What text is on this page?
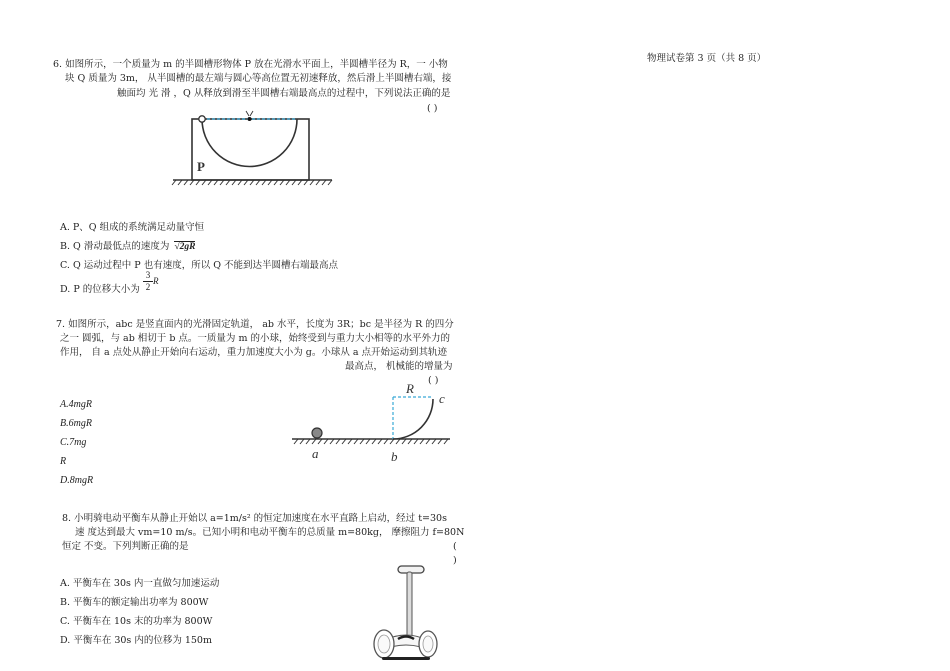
物理试卷第 3 页（共 8 页）
6. 如图所示，一个质量为 m 的半圆槽形物体 P 放在光滑水平面上，半圆槽半径为 R，一 小物
块 Q 质量为 3m， 从半圆槽的最左端与圆心等高位置无初速释放，然后滑上半圆槽右端，接
触面均 光 滑 ，Q 从释放到滑至半圆槽右端最高点的过程中，下列说法正确的是
( )
P
A. P、Q 组成的系统满足动量守恒
B. Q 滑动最低点的速度为 √2gR
C. Q 运动过程中 P 也有速度，所以 Q 不能到达半圆槽右端最高点
D. P 的位移大小为 $\frac{3}{2}$ R
7. 如图所示，abc 是竖直面内的光滑固定轨道， ab 水平，长度为 3R；bc 是半径为 R 的四分
之一 圆弧，与 ab 相切于 b 点。一质量为 m 的小球，始终受到与重力大小相等的水平外力的
作用， 自 a 点处从静止开始向右运动，重力加速度大小为 g。小球从 a 点开始运动到其轨迹
最高点， 机械能的增量为
( )
A.4mgR
B.6mgR
C.7mg
R
D.8mgR
R
c
a	b
8. 小明骑电动平衡车从静止开始以 a=1m/s² 的恒定加速度在水平直路上启动，经过 t=30s
速 度达到最大 vm=10 m/s。已知小明和电动平衡车的总质量 m=80kg， 摩擦阻力 f=80N
恒定 不变。下列判断正确的是	(
)
A. 平衡车在 30s 内一直做匀加速运动
B. 平衡车的额定输出功率为 800W
C. 平衡车在 10s 末的功率为 800W
D. 平衡车在 30s 内的位移为 150m
